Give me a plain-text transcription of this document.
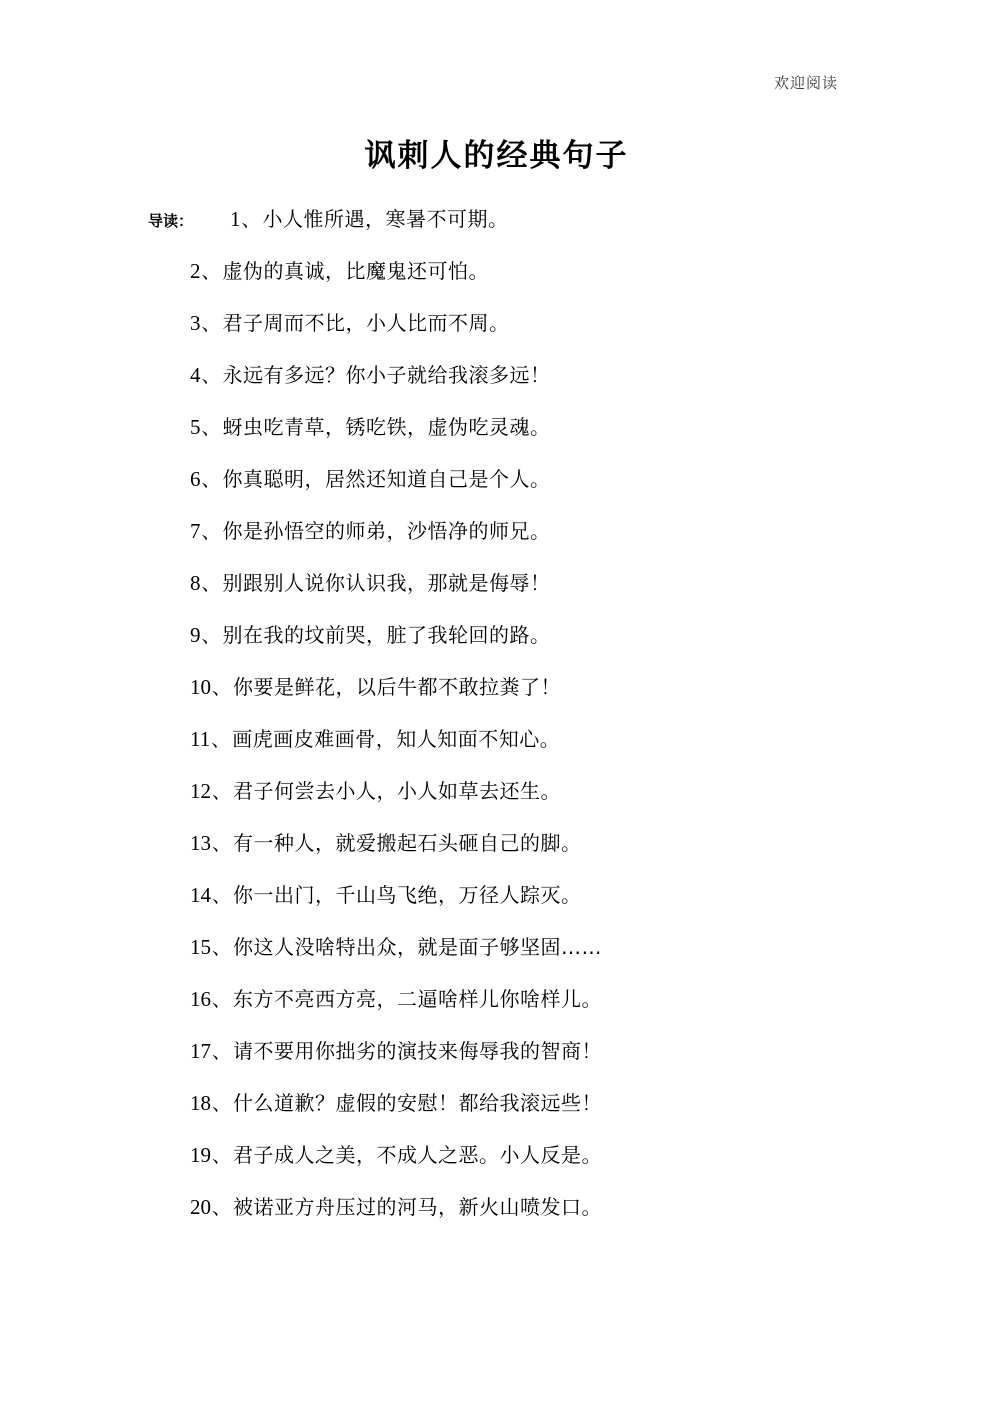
欢迎阅读
讽刺人的经典句子
导读： 1 、 小人惟所遇，寒暑不可期。
2 、 虚伪的真诚，比魔鬼还可怕。
3 、 君子周而不比，小人比而不周。
4 、 永远有多远？你小子就给我滚多远！
5 、 蚜虫吃青草，锈吃铁，虚伪吃灵魂。
6 、 你真聪明，居然还知道自己是个人。
7 、 你是孙悟空的师弟，沙悟净的师兄。
8 、 别跟别人说你认识我，那就是侮辱！
9 、 别在我的坟前哭，脏了我轮回的路。
10 、 你要是鲜花，以后牛都不敢拉粪了！
11 、 画虎画皮难画骨，知人知面不知心。
12 、 君子何尝去小人，小人如草去还生。
13 、 有一种人，就爱搬起石头砸自己的脚。
14 、 你一出门，千山鸟飞绝，万径人踪灭。
15 、 你这人没啥特出众，就是面子够坚固……
16 、 东方不亮西方亮，二逼啥样儿你啥样儿。
17 、 请不要用你拙劣的演技来侮辱我的智商！
18 、 什么道歉？虚假的安慰！都给我滚远些！
19 、 君子成人之美，不成人之恶。小人反是。
20 、 被诺亚方舟压过的河马，新火山喷发口。
